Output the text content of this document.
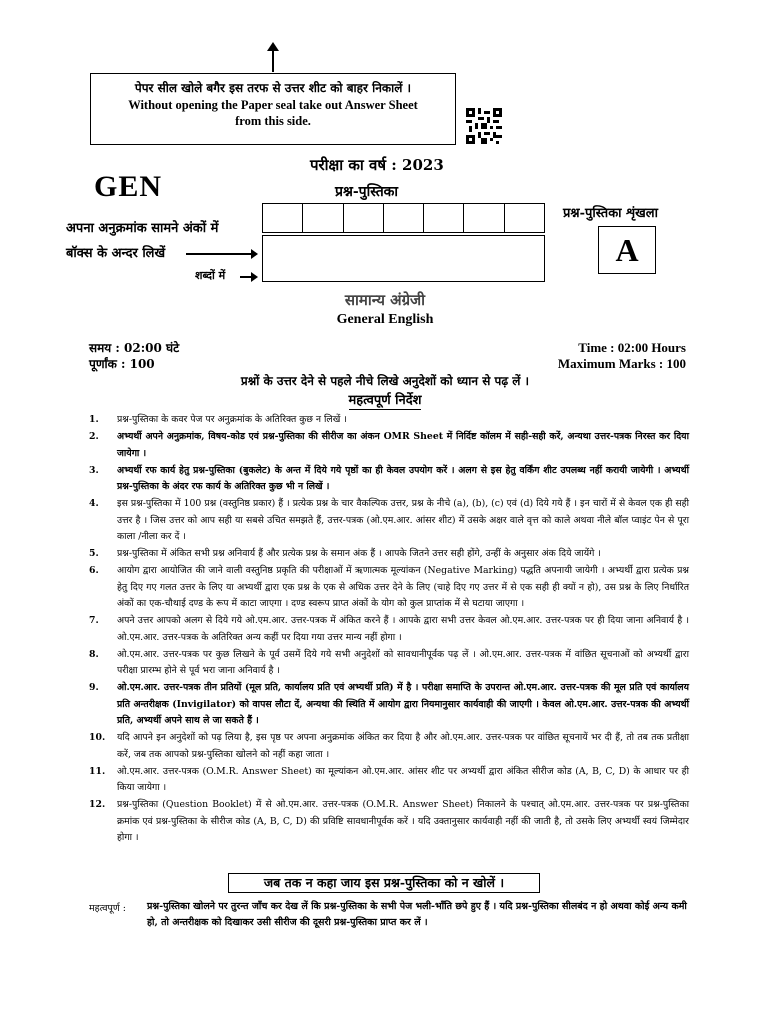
पेपर सील खोले बगैर इस तरफ से उत्तर शीट को बाहर निकालें ।
Without opening the Paper seal take out Answer Sheet
from this side.
परीक्षा का वर्ष : 2023
GEN	प्रश्न-पुस्तिका
अपना अनुक्रमांक सामने अंकों में
बॉक्स के अन्दर लिखें
शब्दों में
प्रश्न-पुस्तिका शृंखला
A
सामान्य अंग्रेजी
General English
समय : 02:00 घंटे
पूर्णांक : 100
Time : 02:00 Hours
Maximum Marks : 100
प्रश्नों के उत्तर देने से पहले नीचे लिखे अनुदेशों को ध्यान से पढ़ लें ।
महत्वपूर्ण निर्देश
1.	प्रश्न-पुस्तिका के कवर पेज पर अनुक्रमांक के अतिरिक्त कुछ न लिखें ।
2.	अभ्यर्थी अपने अनुक्रमांक, विषय-कोड एवं प्रश्न-पुस्तिका की सीरीज का अंकन OMR Sheet में निर्दिष्ट कॉलम में सही-सही करें, अन्यथा उत्तर-पत्रक निरस्त कर दिया जायेगा ।
3.	अभ्यर्थी रफ कार्य हेतु प्रश्न-पुस्तिका (बुकलेट) के अन्त में दिये गये पृष्ठों का ही केवल उपयोग करें । अलग से इस हेतु वर्किंग शीट उपलब्ध नहीं करायी जायेगी । अभ्यर्थी प्रश्न-पुस्तिका के अंदर रफ कार्य के अतिरिक्त कुछ भी न लिखें ।
4.	इस प्रश्न-पुस्तिका में 100 प्रश्न (वस्तुनिष्ठ प्रकार) हैं । प्रत्येक प्रश्न के चार वैकल्पिक उत्तर, प्रश्न के नीचे (a), (b), (c) एवं (d) दिये गये हैं । इन चारों में से केवल एक ही सही उत्तर है । जिस उत्तर को आप सही या सबसे उचित समझते हैं, उत्तर-पत्रक (ओ.एम.आर. आंसर शीट) में उसके अक्षर वाले वृत्त को काले अथवा नीले बॉल प्वाइंट पेन से पूरा काला /नीला कर दें ।
5.	प्रश्न-पुस्तिका में अंकित सभी प्रश्न अनिवार्य हैं और प्रत्येक प्रश्न के समान अंक हैं । आपके जितने उत्तर सही होंगे, उन्हीं के अनुसार अंक दिये जायेंगे ।
6.	आयोग द्वारा आयोजित की जाने वाली वस्तुनिष्ठ प्रकृति की परीक्षाओं में ऋणात्मक मूल्यांकन (Negative Marking) पद्धति अपनायी जायेगी । अभ्यर्थी द्वारा प्रत्येक प्रश्न हेतु दिए गए गलत उत्तर के लिए या अभ्यर्थी द्वारा एक प्रश्न के एक से अधिक उत्तर देने के लिए (चाहे दिए गए उत्तर में से एक सही ही क्यों न हो), उस प्रश्न के लिए निर्धारित अंकों का एक-चौथाई दण्ड के रूप में काटा जाएगा । दण्ड स्वरूप प्राप्त अंकों के योग को कुल प्राप्तांक में से घटाया जाएगा ।
7.	अपने उत्तर आपको अलग से दिये गये ओ.एम.आर. उत्तर-पत्रक में अंकित करने हैं । आपके द्वारा सभी उत्तर केवल ओ.एम.आर. उत्तर-पत्रक पर ही दिया जाना अनिवार्य है । ओ.एम.आर. उत्तर-पत्रक के अतिरिक्त अन्य कहीं पर दिया गया उत्तर मान्य नहीं होगा ।
8.	ओ.एम.आर. उत्तर-पत्रक पर कुछ लिखने के पूर्व उसमें दिये गये सभी अनुदेशों को सावधानीपूर्वक पढ़ लें । ओ.एम.आर. उत्तर-पत्रक में वांछित सूचनाओं को अभ्यर्थी द्वारा परीक्षा प्रारम्भ होने से पूर्व भरा जाना अनिवार्य है ।
9.	ओ.एम.आर. उत्तर-पत्रक तीन प्रतियों (मूल प्रति, कार्यालय प्रति एवं अभ्यर्थी प्रति) में है । परीक्षा समाप्ति के उपरान्त ओ.एम.आर. उत्तर-पत्रक की मूल प्रति एवं कार्यालय प्रति अन्तरीक्षक (Invigilator) को वापस लौटा दें, अन्यथा की स्थिति में आयोग द्वारा नियमानुसार कार्यवाही की जाएगी । केवल ओ.एम.आर. उत्तर-पत्रक की अभ्यर्थी प्रति, अभ्यर्थी अपने साथ ले जा सकते हैं ।
10.	यदि आपने इन अनुदेशों को पढ़ लिया है, इस पृष्ठ पर अपना अनुक्रमांक अंकित कर दिया है और ओ.एम.आर. उत्तर-पत्रक पर वांछित सूचनायें भर दी हैं, तो तब तक प्रतीक्षा करें, जब तक आपको प्रश्न-पुस्तिका खोलने को नहीं कहा जाता ।
11.	ओ.एम.आर. उत्तर-पत्रक (O.M.R. Answer Sheet) का मूल्यांकन ओ.एम.आर. आंसर शीट पर अभ्यर्थी द्वारा अंकित सीरीज कोड (A, B, C, D) के आधार पर ही किया जायेगा ।
12.	प्रश्न-पुस्तिका (Question Booklet) में से ओ.एम.आर. उत्तर-पत्रक (O.M.R. Answer Sheet) निकालने के पश्चात् ओ.एम.आर. उत्तर-पत्रक पर प्रश्न-पुस्तिका क्रमांक एवं प्रश्न-पुस्तिका के सीरीज कोड (A, B, C, D) की प्रविष्टि सावधानीपूर्वक करें । यदि उक्तानुसार कार्यवाही नहीं की जाती है, तो उसके लिए अभ्यर्थी स्वयं जिम्मेदार होगा ।
जब तक न कहा जाय इस प्रश्न-पुस्तिका को न खोलें ।
महत्वपूर्ण : प्रश्न-पुस्तिका खोलने पर तुरन्त जाँच कर देख लें कि प्रश्न-पुस्तिका के सभी पेज भली-भाँति छपे हुए हैं । यदि प्रश्न-पुस्तिका सीलबंद न हो अथवा कोई अन्य कमी हो, तो अन्तरीक्षक को दिखाकर उसी सीरीज की दूसरी प्रश्न-पुस्तिका प्राप्त कर लें ।
